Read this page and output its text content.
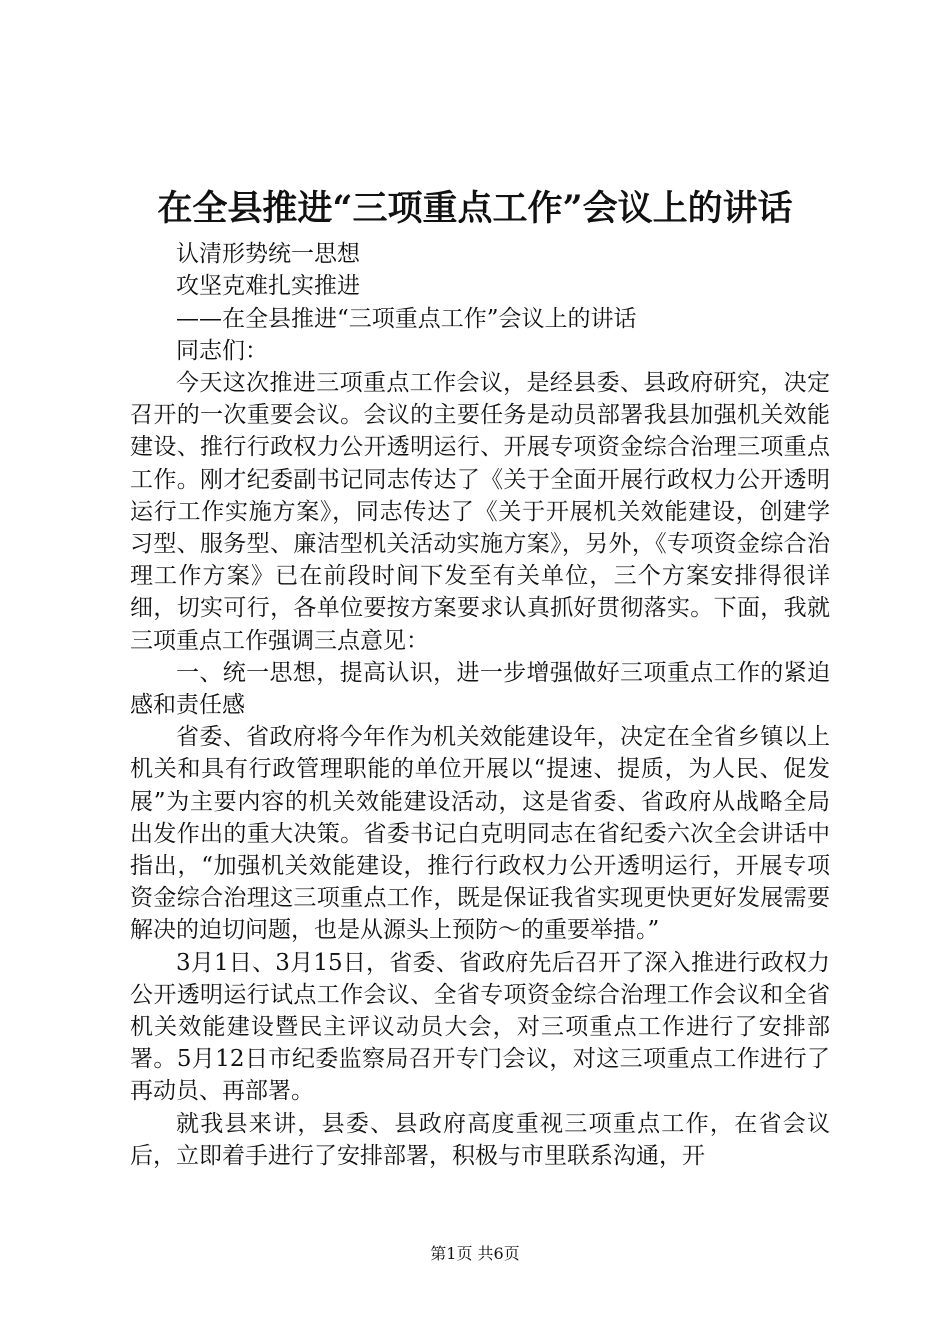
在全县推进“三项重点工作”会议上的讲话

认清形势统一思想

攻坚克难扎实推进

——在全县推进“三项重点工作”会议上的讲话

同志们：

今天这次推进三项重点工作会议，是经县委、县政府研究，决定召开的一次重要会议。会议的主要任务是动员部署我县加强机关效能建设、推行行政权力公开透明运行、开展专项资金综合治理三项重点工作。刚才纪委副书记同志传达了《关于全面开展行政权力公开透明运行工作实施方案》，同志传达了《关于开展机关效能建设，创建学习型、服务型、廉洁型机关活动实施方案》，另外，《专项资金综合治理工作方案》已在前段时间下发至有关单位，三个方案安排得很详细，切实可行，各单位要按方案要求认真抓好贯彻落实。下面，我就三项重点工作强调三点意见：

一、统一思想，提高认识，进一步增强做好三项重点工作的紧迫感和责任感

省委、省政府将今年作为机关效能建设年，决定在全省乡镇以上机关和具有行政管理职能的单位开展以“提速、提质，为人民、促发展”为主要内容的机关效能建设活动，这是省委、省政府从战略全局出发作出的重大决策。省委书记白克明同志在省纪委六次全会讲话中指出，“加强机关效能建设，推行行政权力公开透明运行，开展专项资金综合治理这三项重点工作，既是保证我省实现更快更好发展需要解决的迫切问题，也是从源头上预防～的重要举措。”

3月1日、3月15日，省委、省政府先后召开了深入推进行政权力公开透明运行试点工作会议、全省专项资金综合治理工作会议和全省机关效能建设暨民主评议动员大会，对三项重点工作进行了安排部署。5月12日市纪委监察局召开专门会议，对这三项重点工作进行了再动员、再部署。

就我县来讲，县委、县政府高度重视三项重点工作，在省会议后，立即着手进行了安排部署，积极与市里联系沟通，开

第1页 共6页
